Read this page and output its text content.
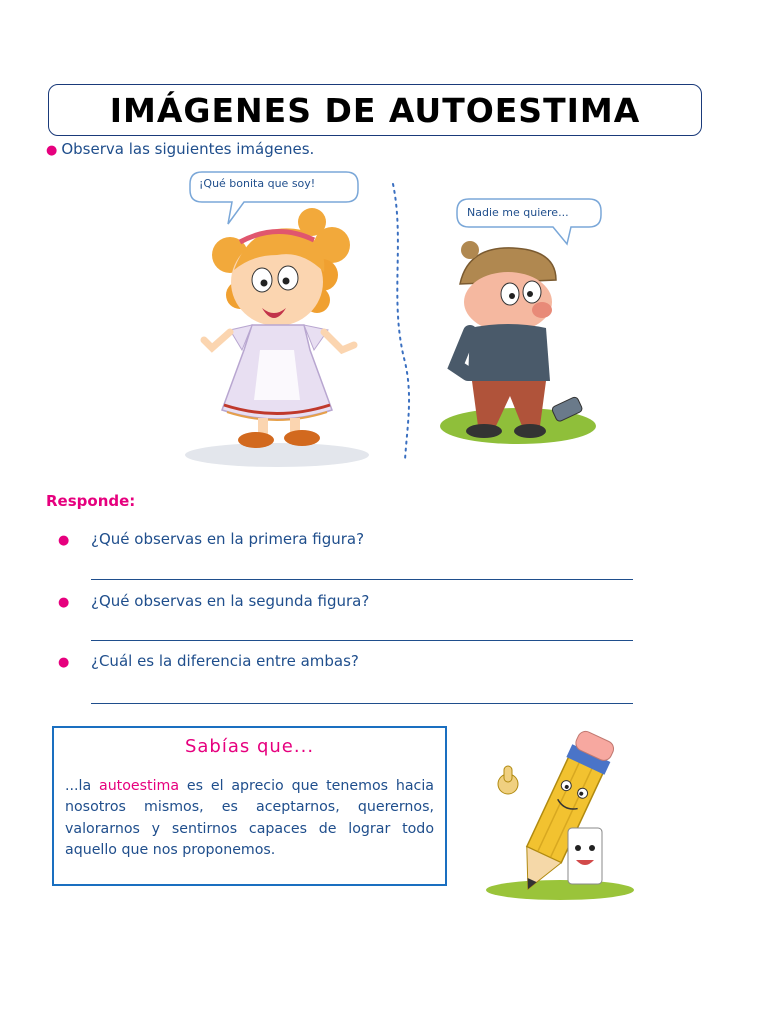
IMÁGENES DE AUTOESTIMA
● Observa las siguientes imágenes.
¡Qué bonita que soy!
Nadie me quiere...
Responde:
● ¿Qué observas en la primera figura?
● ¿Qué observas en la segunda figura?
● ¿Cuál es la diferencia entre ambas?
Sabías que...
...la autoestima es el aprecio que tenemos hacia nosotros mismos, es aceptarnos, querernos, valorarnos y sentirnos capaces de lograr todo aquello que nos proponemos.
